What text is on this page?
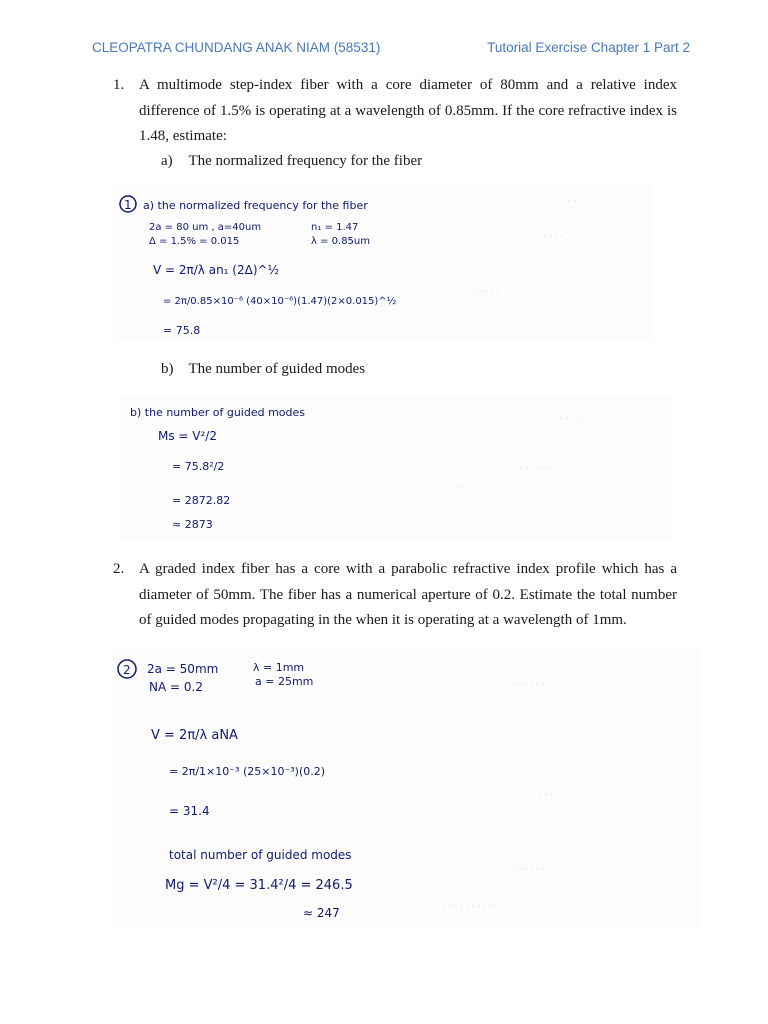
CLEOPATRA CHUNDANG ANAK NIAM (58531)	Tutorial Exercise Chapter 1 Part 2
1. A multimode step-index fiber with a core diameter of 80mm and a relative index difference of 1.5% is operating at a wavelength of 0.85mm. If the core refractive index is 1.48, estimate:
a) The normalized frequency for the fiber
1 a) the normalized frequency for the fiber
2a = 80 um , a=40um	n₁ = 1.47
Δ = 1.5% = 0.015	λ = 0.85um
V = 2π/λ an₁ (2Δ)^½
= 2π/0.85×10⁻⁶ (40×10⁻⁶)(1.47)(2×0.015)^½
= 75.8
· · ·
· · · ·
· · · · ·
b) The number of guided modes
b) the number of guided modes
Ms = V²/2
= 75.8²/2
= 2872.82
≈ 2873
· · · ·
· · · · · ·
· · · · · · ·
2. A graded index fiber has a core with a parabolic refractive index profile which has a diameter of 50mm. The fiber has a numerical aperture of 0.2. Estimate the total number of guided modes propagating in the when it is operating at a wavelength of 1mm.
2 2a = 50mm	λ = 1mm
NA = 0.2	a = 25mm
V = 2π/λ aNA
= 2π/1×10⁻³ (25×10⁻³)(0.2)
= 31.4
total number of guided modes
Mg = V²/4 = 31.4²/4 = 246.5
≈ 247
· · · · ·
· · · · · ·
· · · ·
· · · · · · ·
· · · · · · · · · ·
